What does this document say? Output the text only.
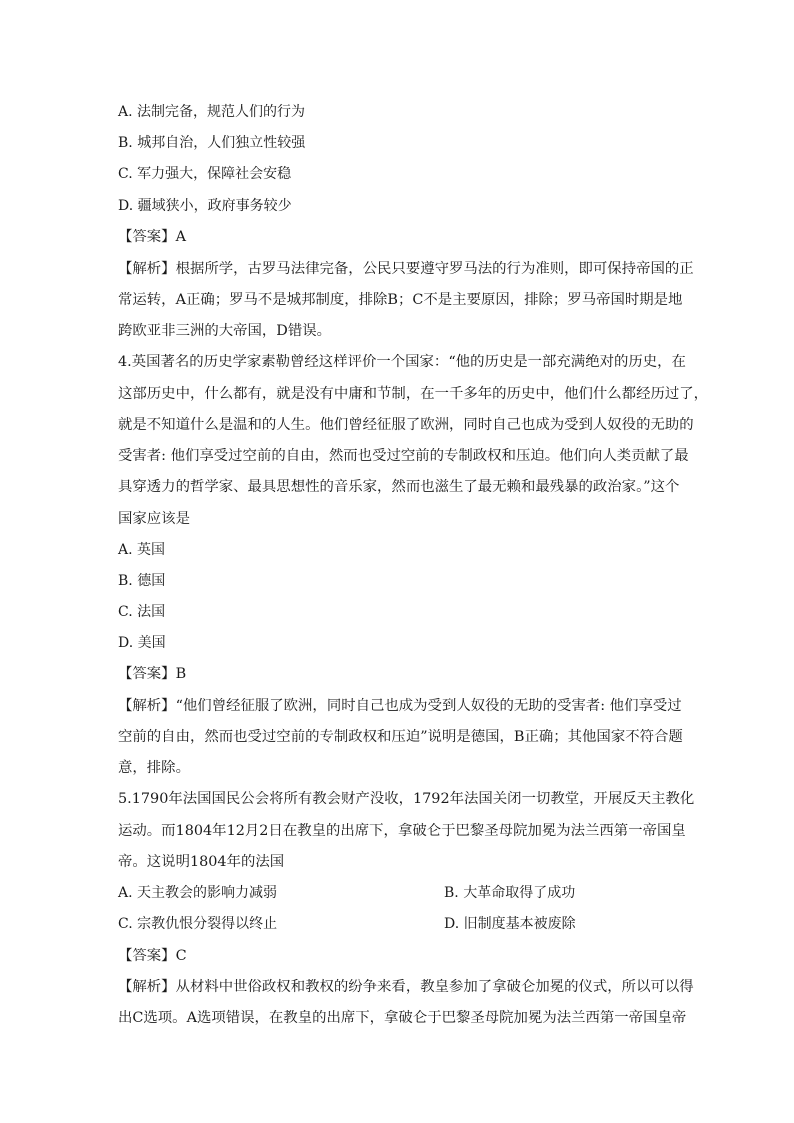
A. 法制完备，规范人们的行为
B. 城邦自治，人们独立性较强
C. 军力强大，保障社会安稳
D. 疆域狭小，政府事务较少
【答案】A
【解析】根据所学，古罗马法律完备，公民只要遵守罗马法的行为准则，即可保持帝国的正
常运转，A正确；罗马不是城邦制度，排除B；C不是主要原因，排除；罗马帝国时期是地
跨欧亚非三洲的大帝国，D错误。
4.英国著名的历史学家素勒曾经这样评价一个国家：“他的历史是一部充满绝对的历史，在
这部历史中，什么都有，就是没有中庸和节制，在一千多年的历史中，他们什么都经历过了，
就是不知道什么是温和的人生。他们曾经征服了欧洲，同时自己也成为受到人奴役的无助的
受害者: 他们享受过空前的自由，然而也受过空前的专制政权和压迫。他们向人类贡献了最
具穿透力的哲学家、最具思想性的音乐家，然而也滋生了最无赖和最残暴的政治家。”这个
国家应该是
A. 英国
B. 德国
C. 法国
D. 美国
【答案】B
【解析】“他们曾经征服了欧洲，同时自己也成为受到人奴役的无助的受害者: 他们享受过
空前的自由，然而也受过空前的专制政权和压迫”说明是德国，B正确；其他国家不符合题
意，排除。
5.1790年法国国民公会将所有教会财产没收，1792年法国关闭一切教堂，开展反天主教化
运动。而1804年12月2日在教皇的出席下，拿破仑于巴黎圣母院加冕为法兰西第一帝国皇
帝。这说明1804年的法国
A. 天主教会的影响力减弱	B. 大革命取得了成功
C. 宗教仇恨分裂得以终止	D. 旧制度基本被废除
【答案】C
【解析】从材料中世俗政权和教权的纷争来看，教皇参加了拿破仑加冕的仪式，所以可以得
出C选项。A选项错误，在教皇的出席下，拿破仑于巴黎圣母院加冕为法兰西第一帝国皇帝
